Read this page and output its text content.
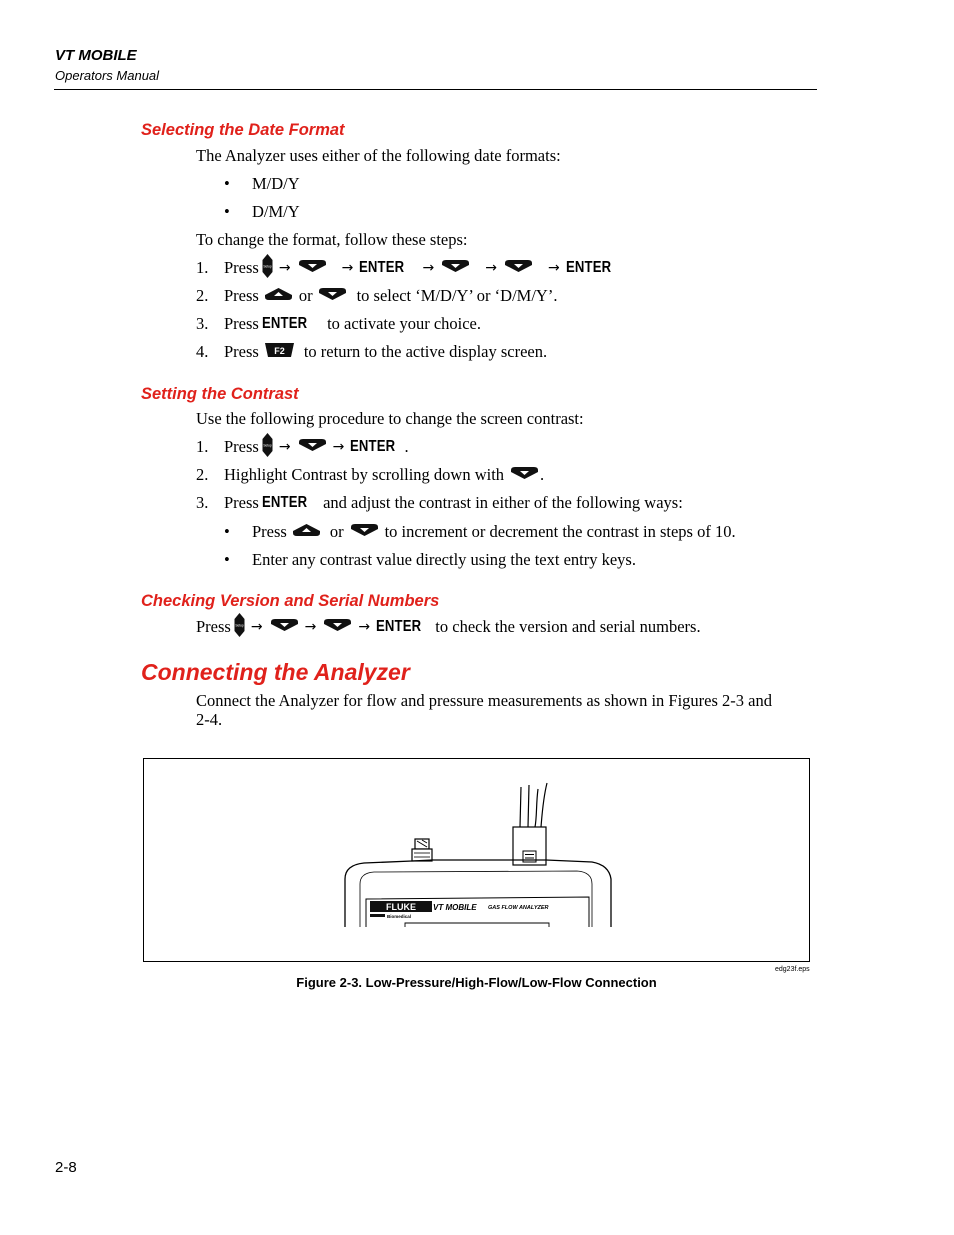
VT MOBILE
Operators Manual
Selecting the Date Format
The Analyzer uses either of the following date formats:
• M/D/Y
• D/M/Y
To change the format, follow these steps:
1. Press Setup →	→ ENTER →	→	→ ENTER
2. Press or	to select ‘M/D/Y’ or ‘D/M/Y’.
3. Press ENTER to activate your choice.
4. Press F2 to return to the active display screen.
Setting the Contrast
Use the following procedure to change the screen contrast:
1. Press Setup →	→ ENTER .
2. Highlight Contrast by scrolling down with .
3. Press ENTER and adjust the contrast in either of the following ways:
• Press	or to increment or decrement the contrast in steps of 10.
• Enter any contrast value directly using the text entry keys.
Checking Version and Serial Numbers
Press Setup →	→	→ ENTER to check the version and serial numbers.
Connecting the Analyzer
Connect the Analyzer for flow and pressure measurements as shown in Figures 2-3 and
2-4.
FLUKE
Biomedical
VT MOBILE GAS FLOW ANALYZER
edg23f.eps
Figure 2-3. Low-Pressure/High-Flow/Low-Flow Connection
2-8
